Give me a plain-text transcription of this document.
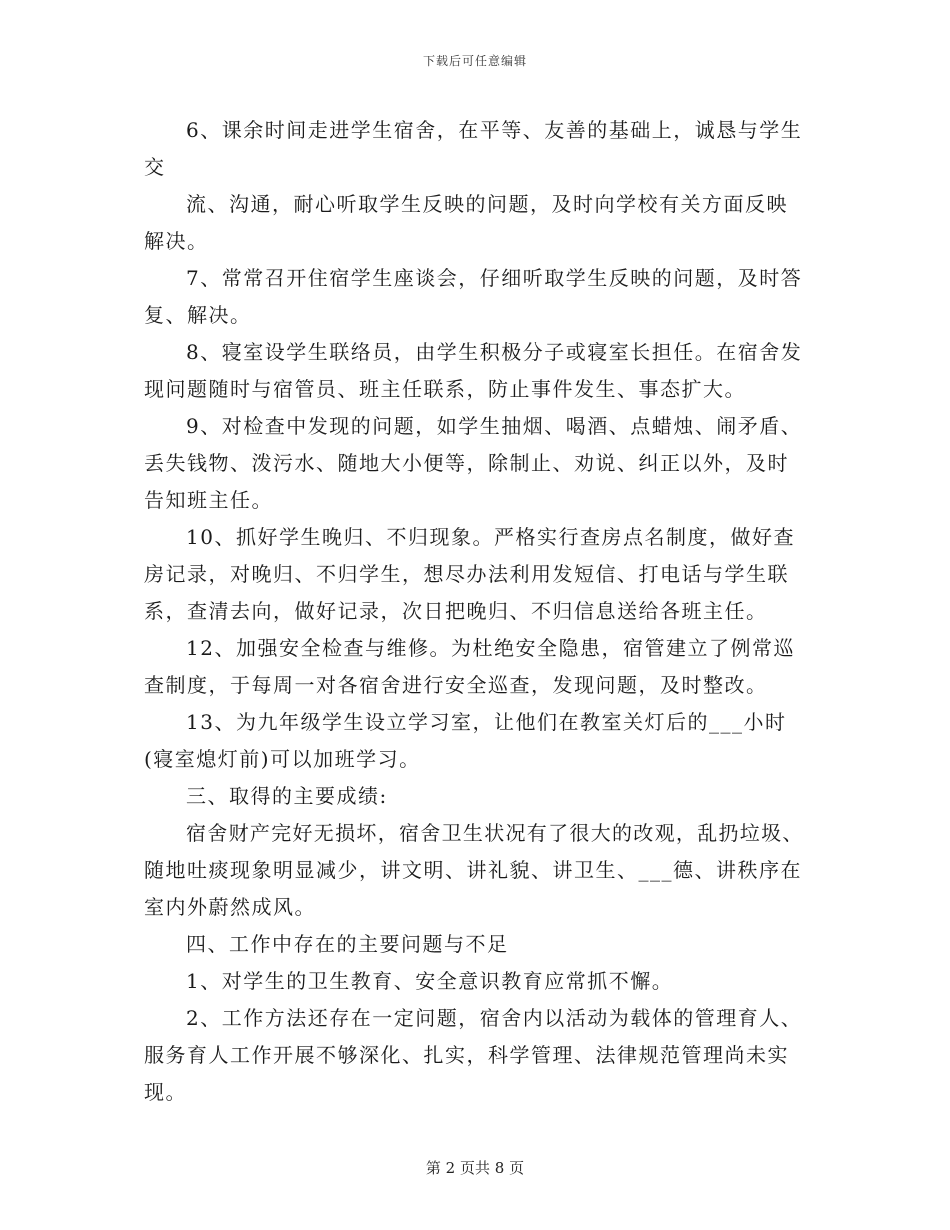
下载后可任意编辑
6、课余时间走进学生宿舍，在平等、友善的基础上，诚恳与学生
交
流、沟通，耐心听取学生反映的问题，及时向学校有关方面反映
解决。
7、常常召开住宿学生座谈会，仔细听取学生反映的问题，及时答
复、解决。
8、寝室设学生联络员，由学生积极分子或寝室长担任。在宿舍发
现问题随时与宿管员、班主任联系，防止事件发生、事态扩大。
9、对检查中发现的问题，如学生抽烟、喝酒、点蜡烛、闹矛盾、
丢失钱物、泼污水、随地大小便等，除制止、劝说、纠正以外，及时
告知班主任。
10、抓好学生晚归、不归现象。严格实行查房点名制度，做好查
房记录，对晚归、不归学生，想尽办法利用发短信、打电话与学生联
系，查清去向，做好记录，次日把晚归、不归信息送给各班主任。
12、加强安全检查与维修。为杜绝安全隐患，宿管建立了例常巡
查制度，于每周一对各宿舍进行安全巡查，发现问题，及时整改。
13、为九年级学生设立学习室，让他们在教室关灯后的___小时
(寝室熄灯前)可以加班学习。
三、取得的主要成绩:
宿舍财产完好无损坏，宿舍卫生状况有了很大的改观，乱扔垃圾、
随地吐痰现象明显减少，讲文明、讲礼貌、讲卫生、___德、讲秩序在
室内外蔚然成风。
四、工作中存在的主要问题与不足
1、对学生的卫生教育、安全意识教育应常抓不懈。
2、工作方法还存在一定问题，宿舍内以活动为载体的管理育人、
服务育人工作开展不够深化、扎实，科学管理、法律规范管理尚未实
现。
第 2 页共 8 页
